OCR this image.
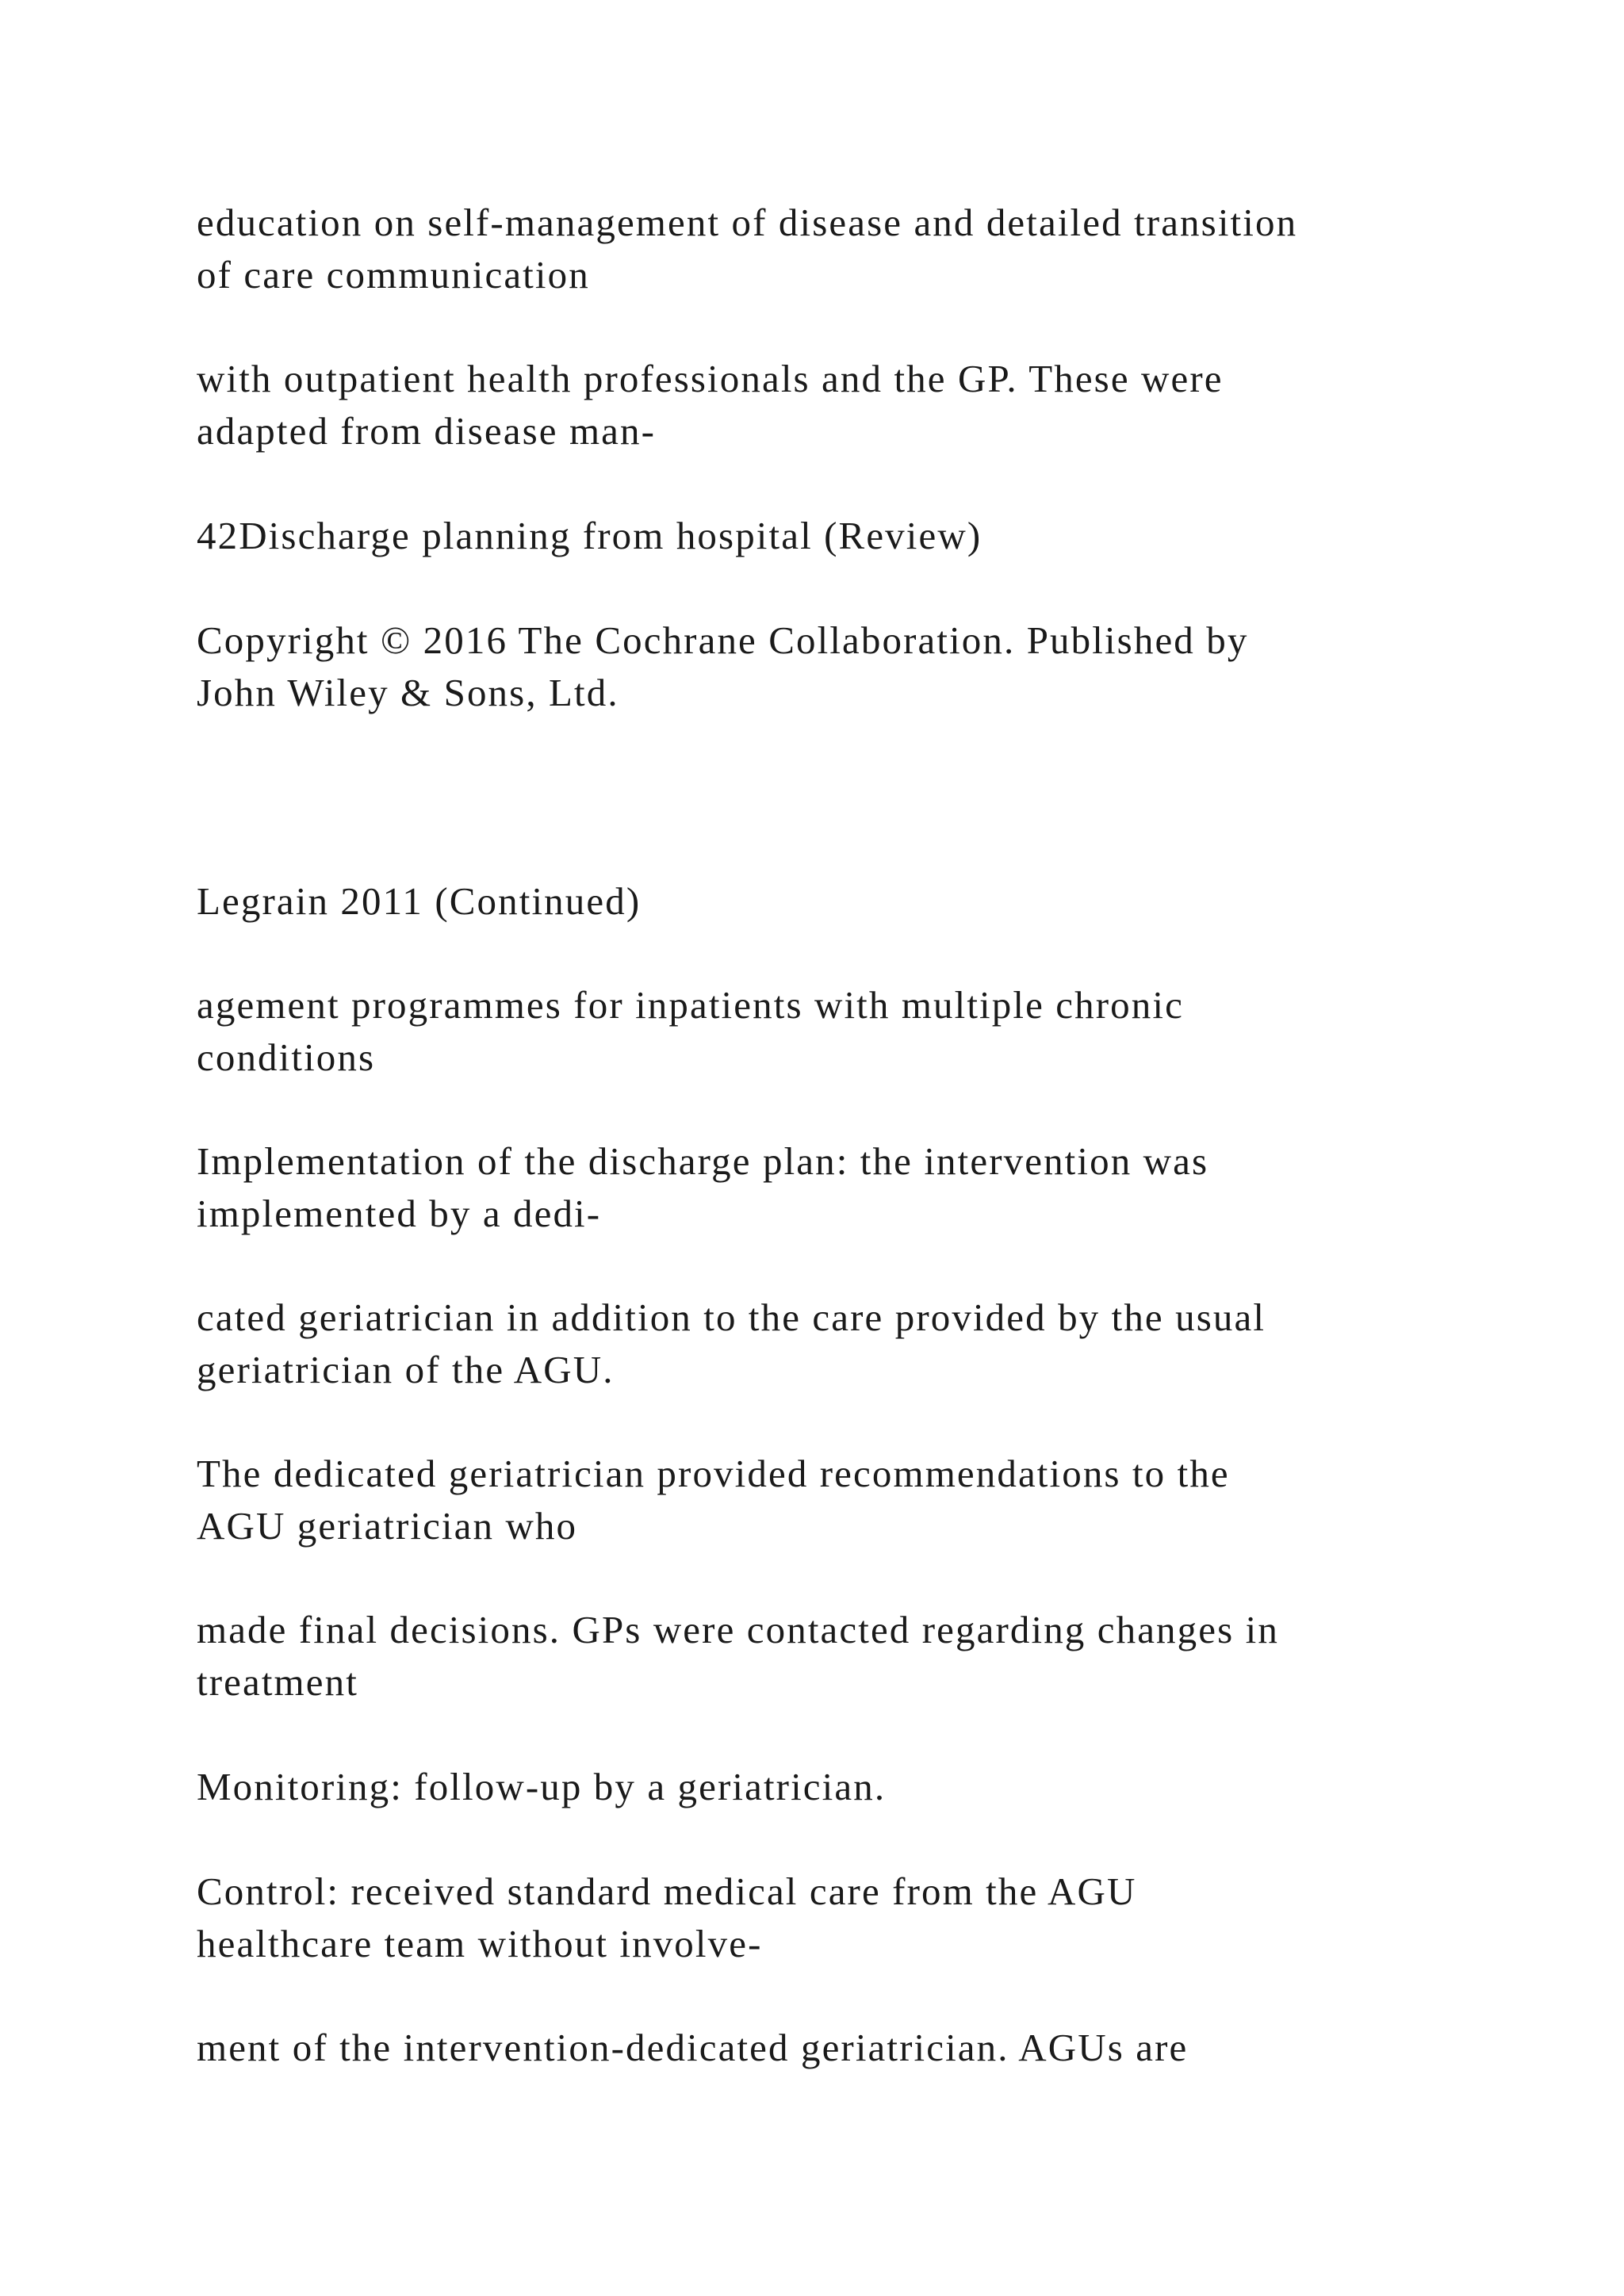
education on self-management of disease and detailed transition
of care communication

with outpatient health professionals and the GP. These were
adapted from disease man-

42Discharge planning from hospital (Review)

Copyright © 2016 The Cochrane Collaboration. Published by
John Wiley & Sons, Ltd.

Legrain 2011 (Continued)

agement programmes for inpatients with multiple chronic
conditions

Implementation of the discharge plan: the intervention was
implemented by a dedi-

cated geriatrician in addition to the care provided by the usual
geriatrician of the AGU.

The dedicated geriatrician provided recommendations to the
AGU geriatrician who

made final decisions. GPs were contacted regarding changes in
treatment

Monitoring: follow-up by a geriatrician.

Control: received standard medical care from the AGU
healthcare team without involve-

ment of the intervention-dedicated geriatrician. AGUs are
